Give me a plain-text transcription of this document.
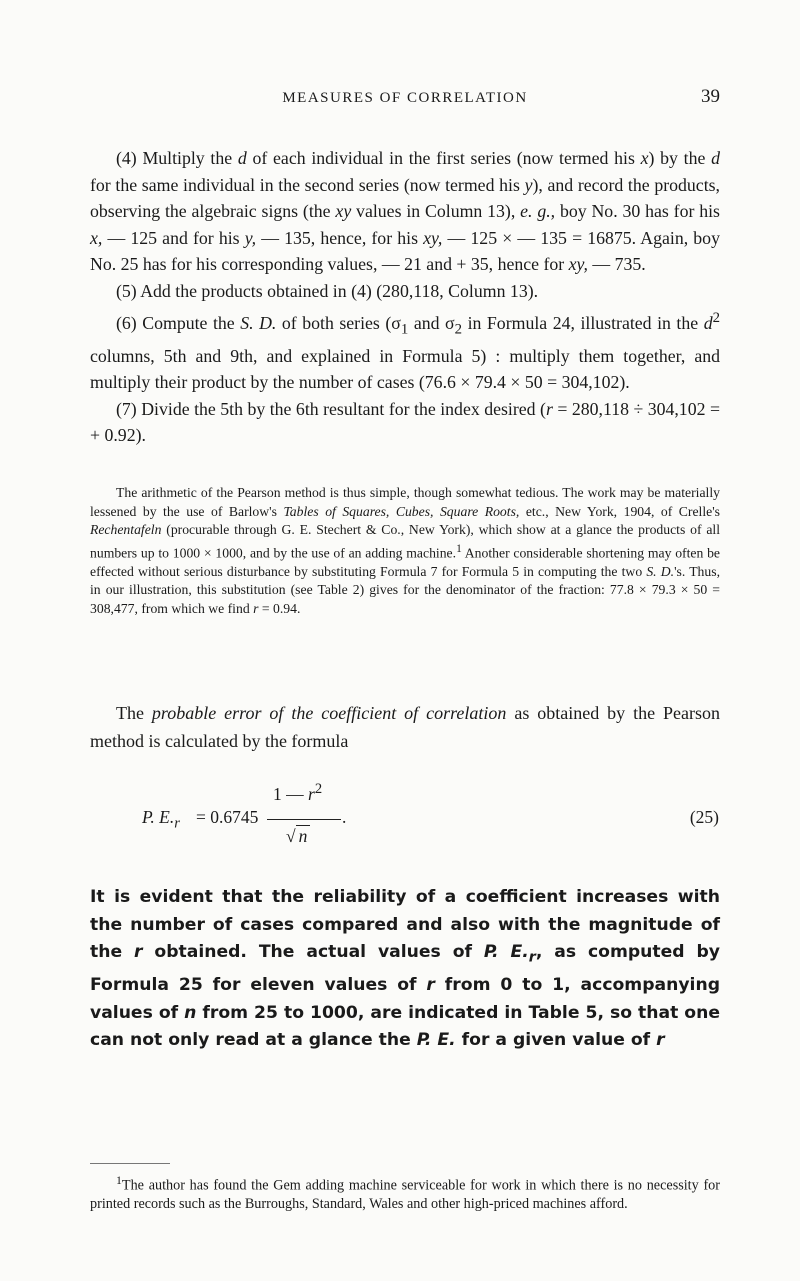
MEASURES OF CORRELATION	39

(4) Multiply the d of each individual in the first series (now termed his x) by the d for the same individual in the second series (now termed his y), and record the products, observing the algebraic signs (the xy values in Column 13), e. g., boy No. 30 has for his x, — 125 and for his y, — 135, hence, for his xy, — 125 × — 135 = 16875. Again, boy No. 25 has for his corresponding values, — 21 and + 35, hence for xy, — 735.

(5) Add the products obtained in (4) (280,118, Column 13).

(6) Compute the S. D. of both series ($\sigma_1$ and $\sigma_2$ in Formula 24, illustrated in the $d^2$ columns, 5th and 9th, and explained in Formula 5) : multiply them together, and multiply their product by the number of cases (76.6 × 79.4 × 50 = 304,102).

(7) Divide the 5th by the 6th resultant for the index desired (r = 280,118 ÷ 304,102 = + 0.92).

The arithmetic of the Pearson method is thus simple, though somewhat tedious. The work may be materially lessened by the use of Barlow's Tables of Squares, Cubes, Square Roots, etc., New York, 1904, of Crelle's Rechentafeln (procurable through G. E. Stechert & Co., New York), which show at a glance the products of all numbers up to 1000 × 1000, and by the use of an adding machine.$^1$ Another considerable shortening may often be effected without serious disturbance by substituting Formula 7 for Formula 5 in computing the two S. D.'s. Thus, in our illustration, this substitution (see Table 2) gives for the denominator of the fraction: 77.8 × 79.3 × 50 = 308,477, from which we find r = 0.94.

The probable error of the coefficient of correlation as obtained by the Pearson method is calculated by the formula

P. $E._r = 0.6745$
1 — $r^2$
.
√ n
(25)

It is evident that the reliability of a coefficient increases with the number of cases compared and also with the magnitude of the r obtained. The actual values of P. $E._r$, as computed by Formula 25 for eleven values of r from 0 to 1, accompanying values of n from 25 to 1000, are indicated in Table 5, so that one can not only read at a glance the P. E. for a given value of r

$^1$The author has found the Gem adding machine serviceable for work in which there is no necessity for printed records such as the Burroughs, Standard, Wales and other high-priced machines afford.
